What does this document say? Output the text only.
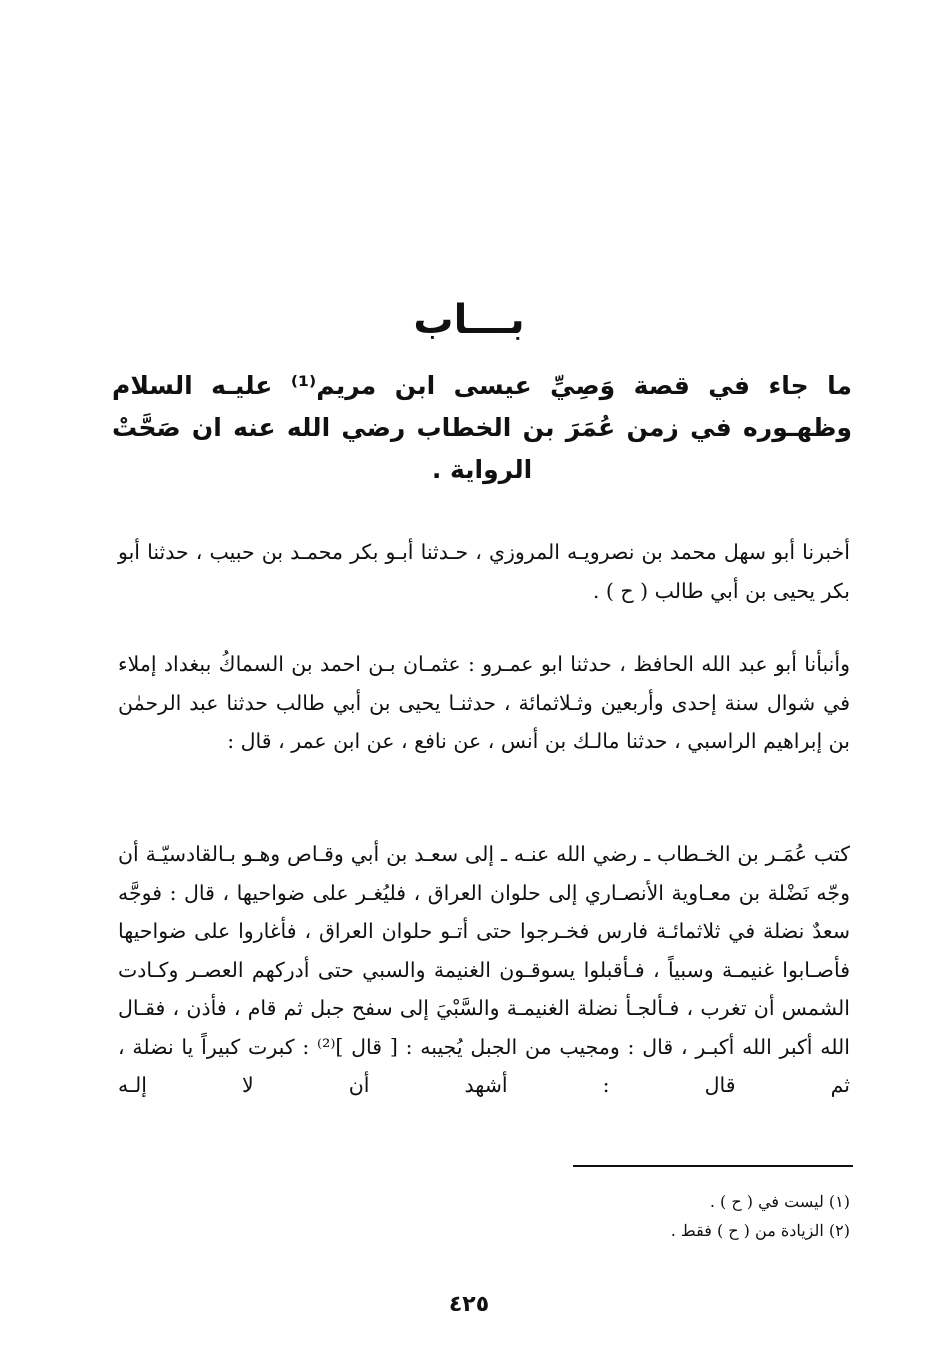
بـــاب
ما جاء في قصة وَصِيِّ عيسى ابن مريم⁽¹⁾ عليـه السلام وظهـوره في زمن عُمَرَ بن الخطاب رضي الله عنه ان صَحَّتْ الرواية .

أخبرنا أبو سهل محمد بن نصرويـه المروزي ، حـدثنا أبـو بكر محمـد بن حبيب ، حدثنا أبو بكر يحيى بن أبي طالب ( ح ) .

وأنبأنا أبو عبد الله الحافظ ، حدثنا ابو عمـرو : عثمـان بـن احمد بن السماكُ ببغداد إملاء في شوال سنة إحدى وأربعين وثـلاثمائة ، حدثنـا يحيى بن أبي طالب حدثنا عبد الرحمٰن بن إبراهيم الراسبي ، حدثنا مالـك بن أنس ، عن نافع ، عن ابن عمر ، قال :

كتب عُمَـر بن الخـطاب ـ رضي الله عنـه ـ إلى سعـد بن أبي وقـاص وهـو بـالقادسيّـة أن وجّه نَضْلة بن معـاوية الأنصـاري إلى حلوان العراق ، فليُغـر على ضواحيها ، قال : فوجَّه سعدٌ نضلة في ثلاثمائـة فارس فخـرجوا حتى أتـو حلوان العراق ، فأغاروا على ضواحيها فأصـابوا غنيمـة وسبياً ، فـأقبلوا يسوقـون الغنيمة والسبي حتى أدركهم العصـر وكـادت الشمس أن تغرب ، فـألجـأ نضلة الغنيمـة والسَّبْيَ إلى سفح جبل ثم قام ، فأذن ، فقـال الله أكبر الله أكبـر ، قال : ومجيب من الجبل يُجيبه : [ قال ]⁽²⁾ : كبرت كبيراً يا نضلة ، ثم قال : أشهد أن لا إلـه

(١) ليست في ( ح ) .
(٢) الزيادة من ( ح ) فقط .
٤٢٥
